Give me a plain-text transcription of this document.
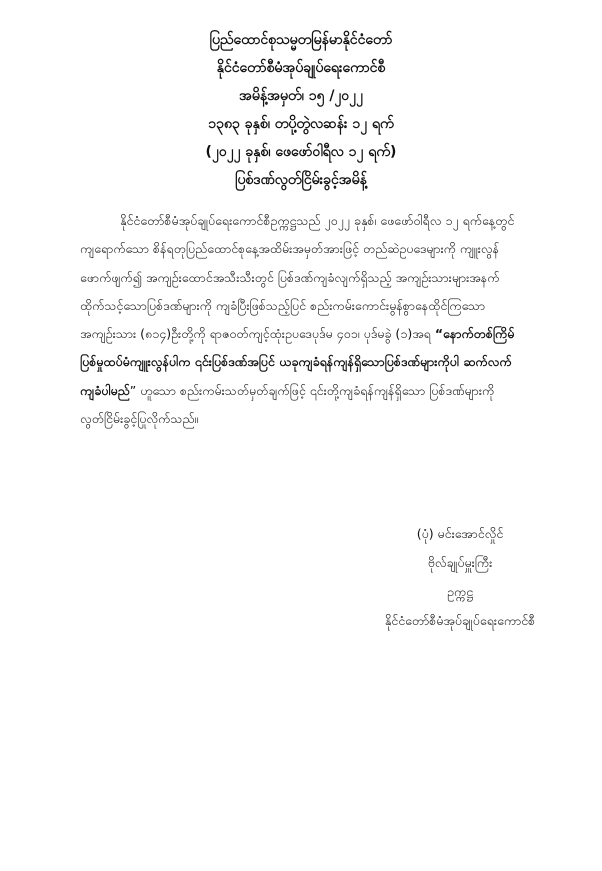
ပြည်ထောင်စုသမ္မတမြန်မာနိုင်ငံတော်
နိုင်ငံတော်စီမံအုပ်ချုပ်ရေးကောင်စီ
အမိန့်အမှတ်၊ ၁၅ /၂၀၂၂
၁၃၈၃ ခုနှစ်၊ တပို့တွဲလဆန်း ၁၂ ရက်
(၂၀၂၂ ခုနှစ်၊ ဖေဖော်ဝါရီလ ၁၂ ရက်)
ပြစ်ဒဏ်လွတ်ငြိမ်းခွင့်အမိန့်
နိုင်ငံတော်စီမံအုပ်ချုပ်ရေးကောင်စီဥက္ကဋ္ဌသည် ၂၀၂၂ ခုနှစ်၊ ဖေဖော်ဝါရီလ ၁၂ ရက်နေ့တွင်
ကျရောက်သော စိန်ရတုပြည်ထောင်စုနေ့အထိမ်းအမှတ်အားဖြင့် တည်ဆဲဥပဒေများကို ကျူးလွန်
ဖောက်ဖျက်၍ အကျဉ်းထောင်အသီးသီးတွင် ပြစ်ဒဏ်ကျခံလျက်ရှိသည့် အကျဉ်းသားများအနက်
ထိုက်သင့်သောပြစ်ဒဏ်များကို ကျခံပြီးဖြစ်သည့်ပြင် စည်းကမ်းကောင်းမွန်စွာနေထိုင်ကြသော
အကျဉ်းသား (၈၁၄)ဦးတို့ကို ရာဇဝတ်ကျင့်ထုံးဥပဒေပုဒ်မ ၄၀၁၊ ပုဒ်မခွဲ (၁)အရ “နောက်တစ်ကြိမ်
ပြစ်မှုထပ်မံကျူးလွန်ပါက ၎င်းပြစ်ဒဏ်အပြင် ယခုကျခံရန်ကျန်ရှိသောပြစ်ဒဏ်များကိုပါ ဆက်လက်
ကျခံပါမည်” ဟူသော စည်းကမ်းသတ်မှတ်ချက်ဖြင့် ၎င်းတို့ကျခံရန်ကျန်ရှိသော ပြစ်ဒဏ်များကို
လွတ်ငြိမ်းခွင့်ပြုလိုက်သည်။
(ပုံ) မင်းအောင်လှိုင်
ဗိုလ်ချုပ်မှူးကြီး
ဥက္ကဋ္ဌ
နိုင်ငံတော်စီမံအုပ်ချုပ်ရေးကောင်စီ
